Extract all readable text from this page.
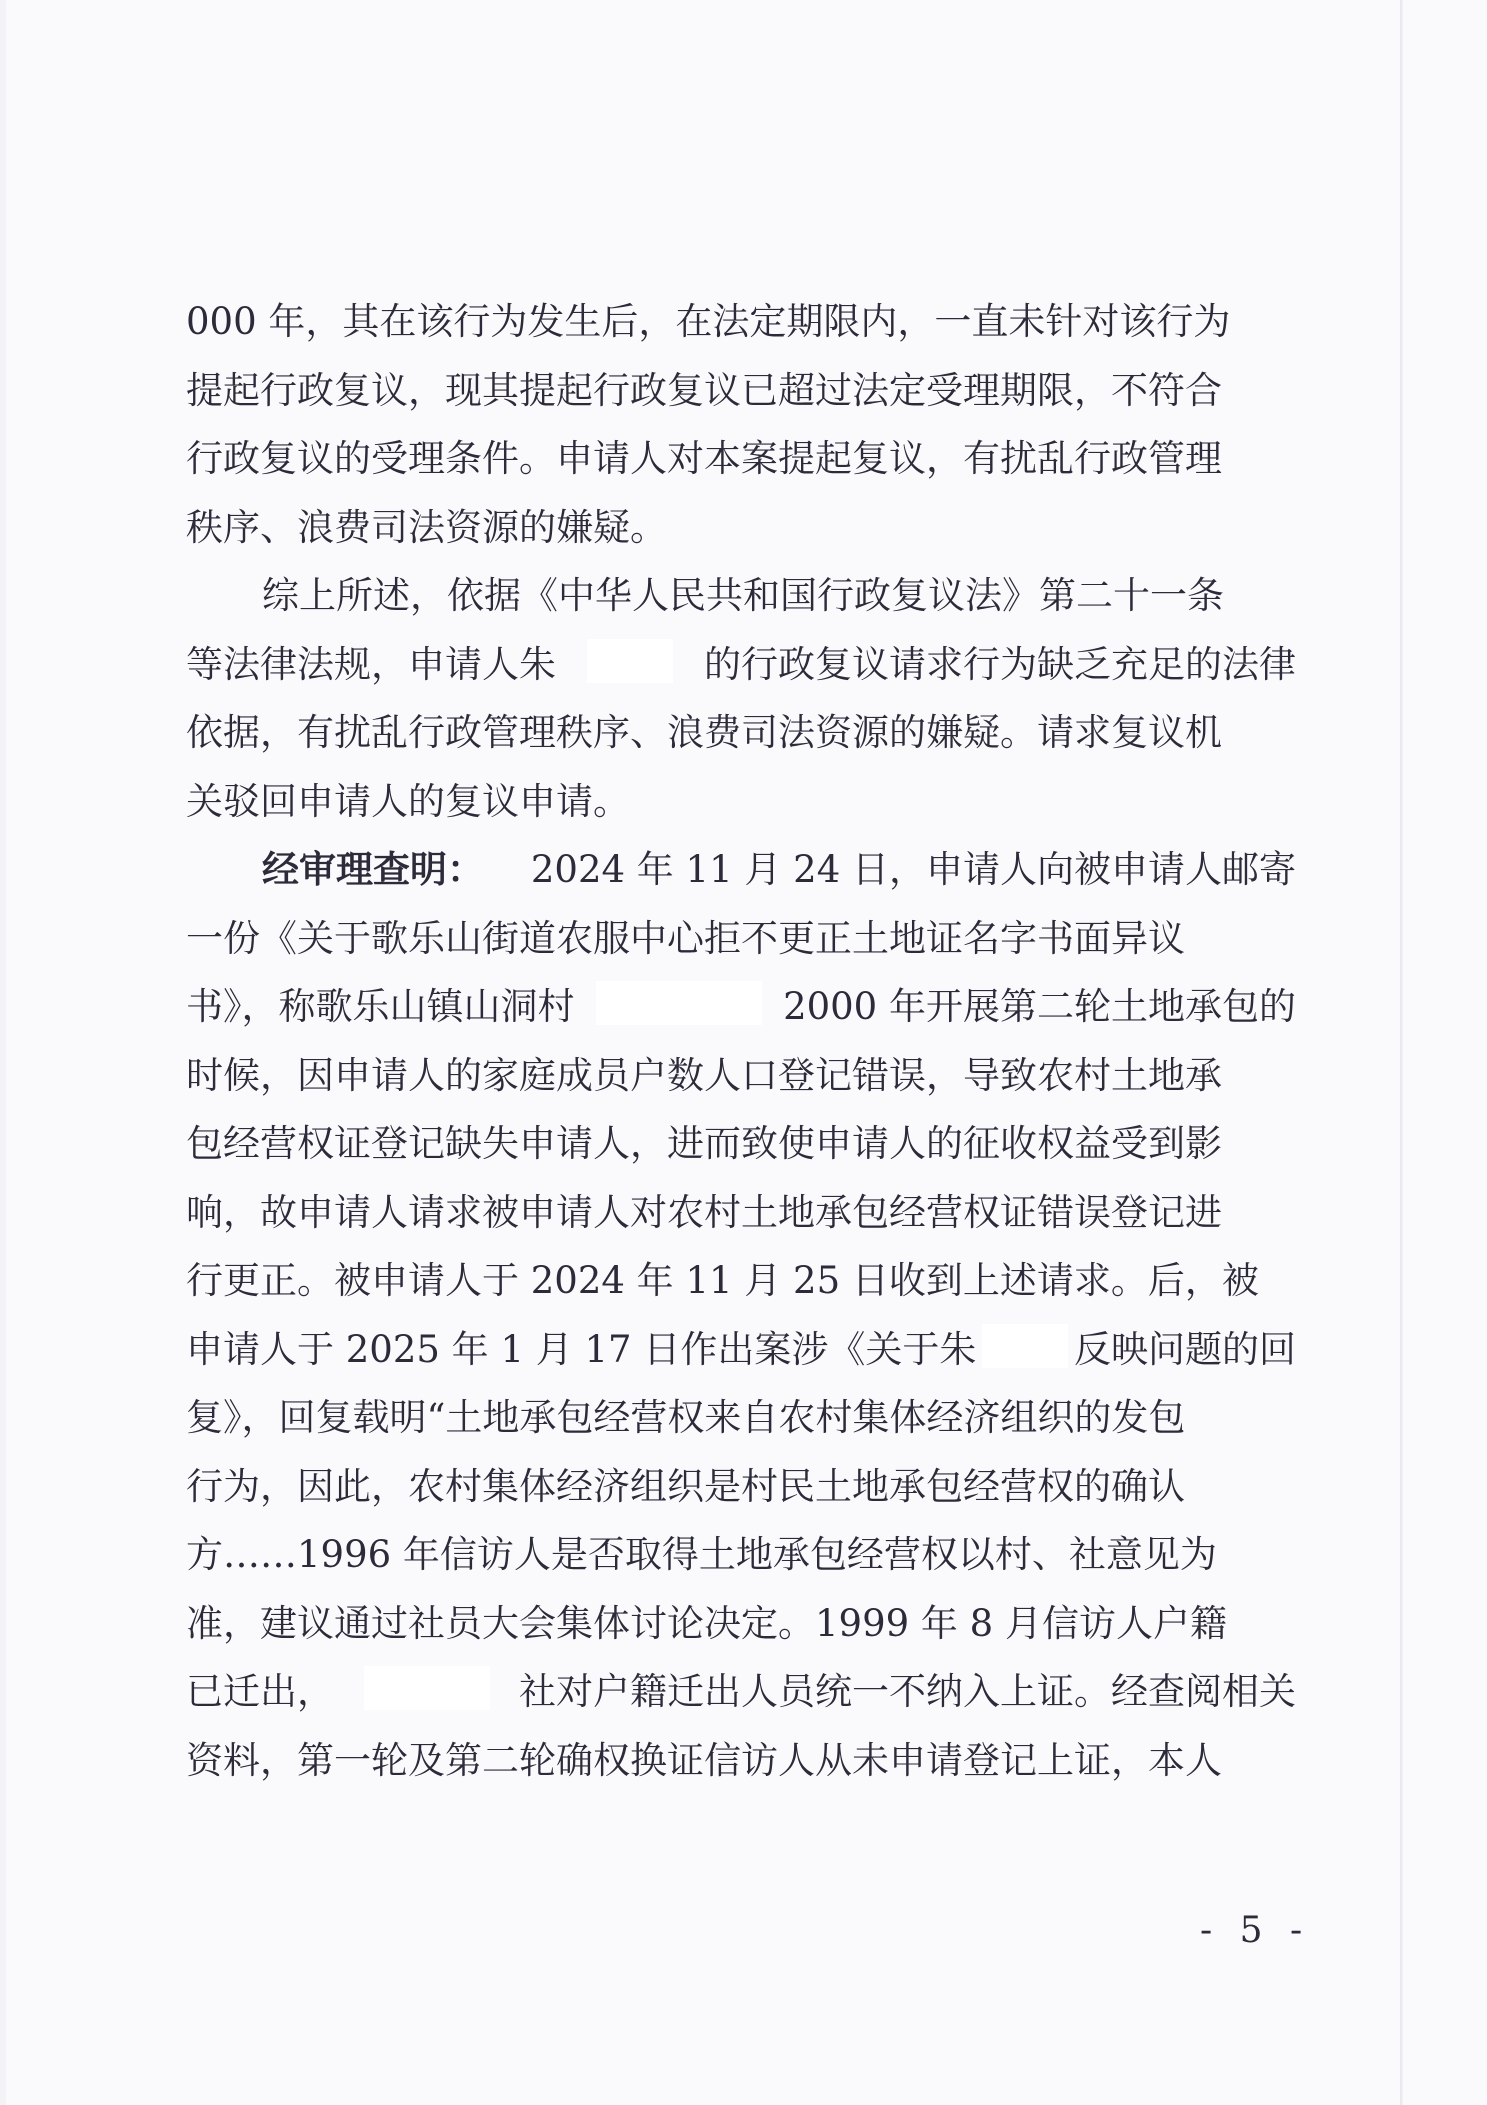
000 年，其在该行为发生后，在法定期限内，一直未针对该行为
提起行政复议，现其提起行政复议已超过法定受理期限，不符合
行政复议的受理条件。申请人对本案提起复议，有扰乱行政管理
秩序、浪费司法资源的嫌疑。
综上所述，依据《中华人民共和国行政复议法》第二十一条
等法律法规，申请人朱	的行政复议请求行为缺乏充足的法律
依据，有扰乱行政管理秩序、浪费司法资源的嫌疑。请求复议机
关驳回申请人的复议申请。
经审理查明： 2024 年 11 月 24 日，申请人向被申请人邮寄
一份《关于歌乐山街道农服中心拒不更正土地证名字书面异议
书》，称歌乐山镇山洞村	2000 年开展第二轮土地承包的
时候，因申请人的家庭成员户数人口登记错误，导致农村土地承
包经营权证登记缺失申请人，进而致使申请人的征收权益受到影
响，故申请人请求被申请人对农村土地承包经营权证错误登记进
行更正。被申请人于 2024 年 11 月 25 日收到上述请求。后，被
申请人于 2025 年 1 月 17 日作出案涉《关于朱	反映问题的回
复》，回复载明“土地承包经营权来自农村集体经济组织的发包
行为，因此，农村集体经济组织是村民土地承包经营权的确认
方……1996 年信访人是否取得土地承包经营权以村、社意见为
准，建议通过社员大会集体讨论决定。1999 年 8 月信访人户籍
已迁出，	社对户籍迁出人员统一不纳入上证。经查阅相关
资料，第一轮及第二轮确权换证信访人从未申请登记上证，本人
- 5 -
